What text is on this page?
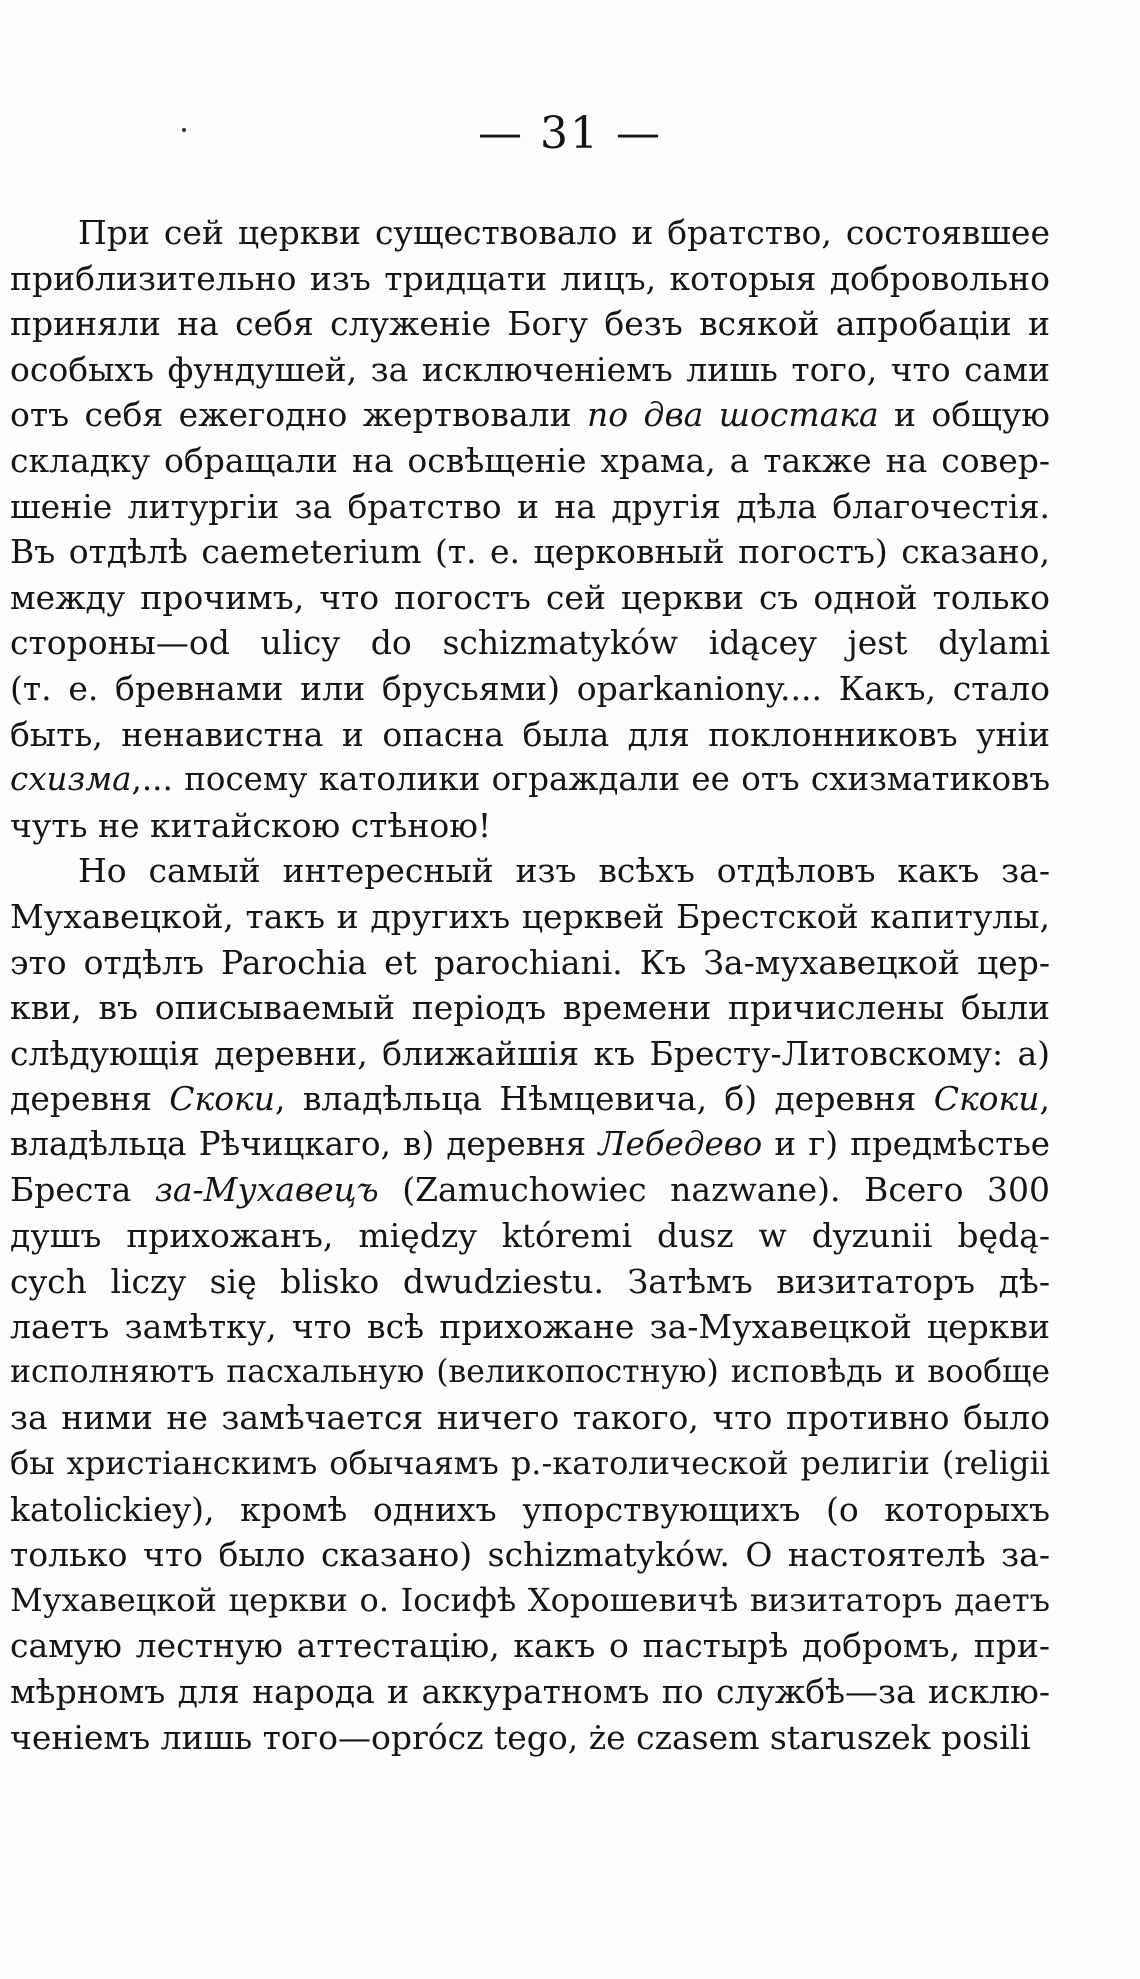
— 31 —
При сей церкви существовало и братство, состоявшее
приблизительно изъ тридцати лицъ, которыя добровольно
приняли на себя служеніе Богу безъ всякой апробаціи и
особыхъ фундушей, за исключеніемъ лишь того, что сами
отъ себя ежегодно жертвовали по два шостака и общую
складку обращали на освѣщеніе храма, а также на совер-
шеніе литургіи за братство и на другія дѣла благочестія.
Въ отдѣлѣ caemeterium (т. е. церковный погостъ) сказано,
между прочимъ, что погостъ сей церкви съ одной только
стороны—od ulicy do schizmatyków idącey jest dylami
(т. е. бревнами или брусьями) oparkanіony.... Какъ, стало
быть, ненавистна и опасна была для поклонниковъ уніи
схизма,... посему католики ограждали ее отъ схизматиковъ
чуть не китайскою стѣною!
Но самый интересный изъ всѣхъ отдѣловъ какъ за-
Мухавецкой, такъ и другихъ церквей Брестской капитулы,
это отдѣлъ Parochia et parochiani. Къ За-мухавецкой цер-
кви, въ описываемый періодъ времени причислены были
слѣдующія деревни, ближайшія къ Бресту-Литовскому: а)
деревня Скоки, владѣльца Нѣмцевича, б) деревня Скоки,
владѣльца Рѣчицкаго, в) деревня Лебедево и г) предмѣстье
Бреста за-Мухавецъ (Zamuchowiec nazwane). Всего 300
душъ прихожанъ, między któremi dusz w dyzunii będą-
cych liczy się blisko dwudziestu. Затѣмъ визитаторъ дѣ-
лаетъ замѣтку, что всѣ прихожане за-Мухавецкой церкви
исполняютъ пасхальную (великопостную) исповѣдь и вообще
за ними не замѣчается ничего такого, что противно было
бы христіанскимъ обычаямъ р.-католической религіи (religii
katolickiey), кромѣ однихъ упорствующихъ (о которыхъ
только что было сказано) schizmatyków. О настоятелѣ за-
Мухавецкой церкви о. Іосифѣ Хорошевичѣ визитаторъ даетъ
самую лестную аттестацію, какъ о пастырѣ добромъ, при-
мѣрномъ для народа и аккуратномъ по службѣ—за исклю-
ченіемъ лишь того—oprócz tego, że czasem staruszek posili
